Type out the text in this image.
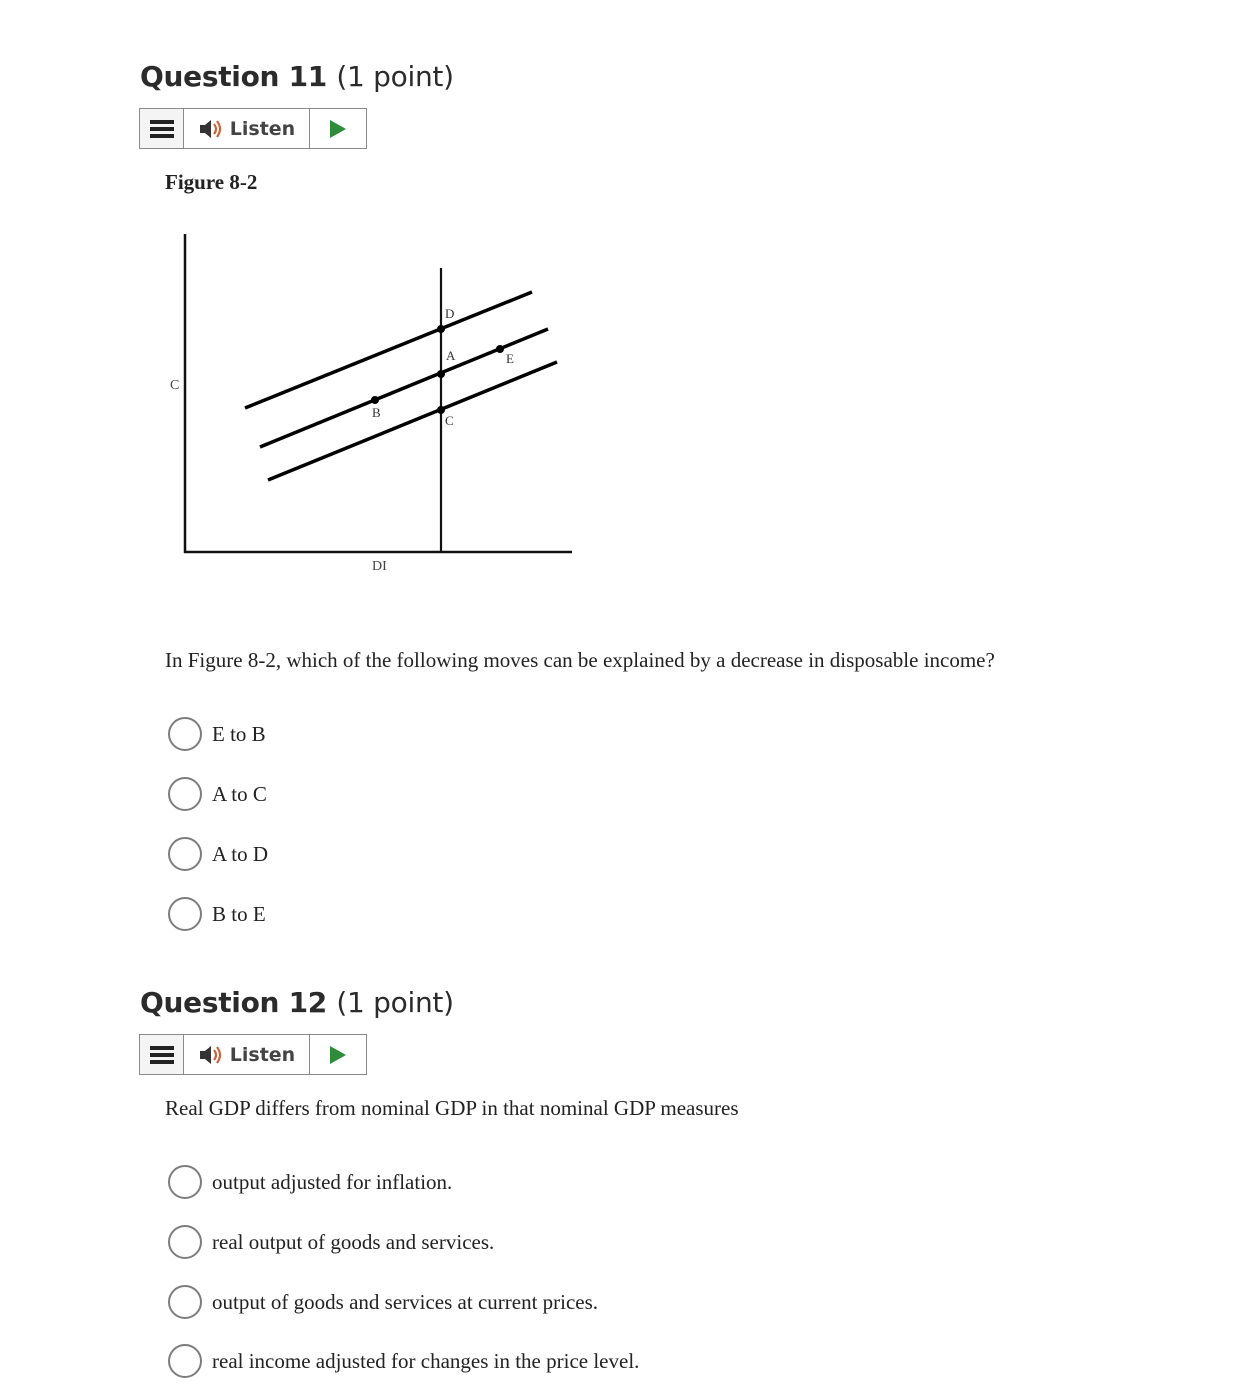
Question 11 (1 point)
Listen
Figure 8-2
D
A
C
B
E
C
DI
In Figure 8-2, which of the following moves can be explained by a decrease in disposable income?
E to B
A to C
A to D
B to E
Question 12 (1 point)
Listen
Real GDP differs from nominal GDP in that nominal GDP measures
output adjusted for inflation.
real output of goods and services.
output of goods and services at current prices.
real income adjusted for changes in the price level.
